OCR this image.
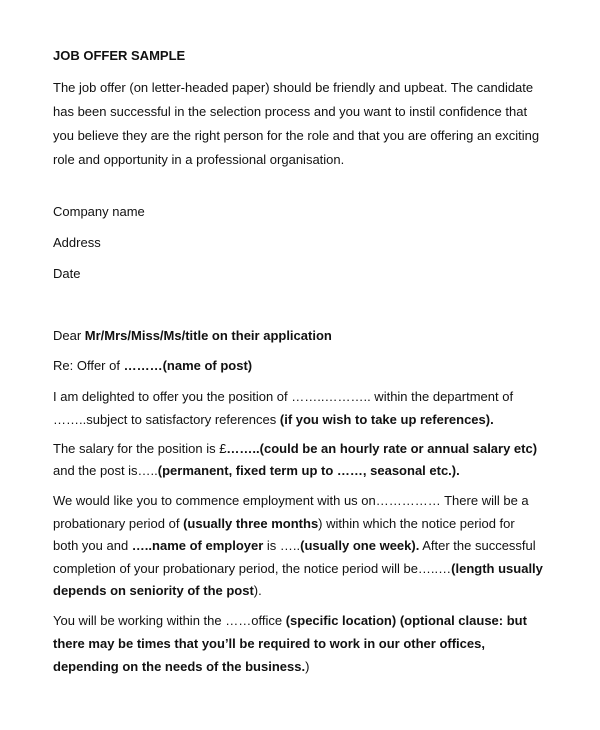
JOB OFFER SAMPLE
The job offer (on letter-headed paper) should be friendly and upbeat. The candidate
has been successful in the selection process and you want to instil confidence that
you believe they are the right person for the role and that you are offering an exciting
role and opportunity in a professional organisation.
Company name
Address
Date
Dear Mr/Mrs/Miss/Ms/title on their application
Re: Offer of ………(name of post)
I am delighted to offer you the position of ……..……….. within the department of
……..subject to satisfactory references (if you wish to take up references).
The salary for the position is £……..(could be an hourly rate or annual salary etc)
and the post is…..(permanent, fixed term up to ……, seasonal etc.).
We would like you to commence employment with us on…………… There will be a
probationary period of (usually three months) within which the notice period for
both you and …..name of employer is …..(usually one week). After the successful
completion of your probationary period, the notice period will be…..…(length usually
depends on seniority of the post).
You will be working within the ……office (specific location) (optional clause: but
there may be times that you’ll be required to work in our other offices,
depending on the needs of the business.)
